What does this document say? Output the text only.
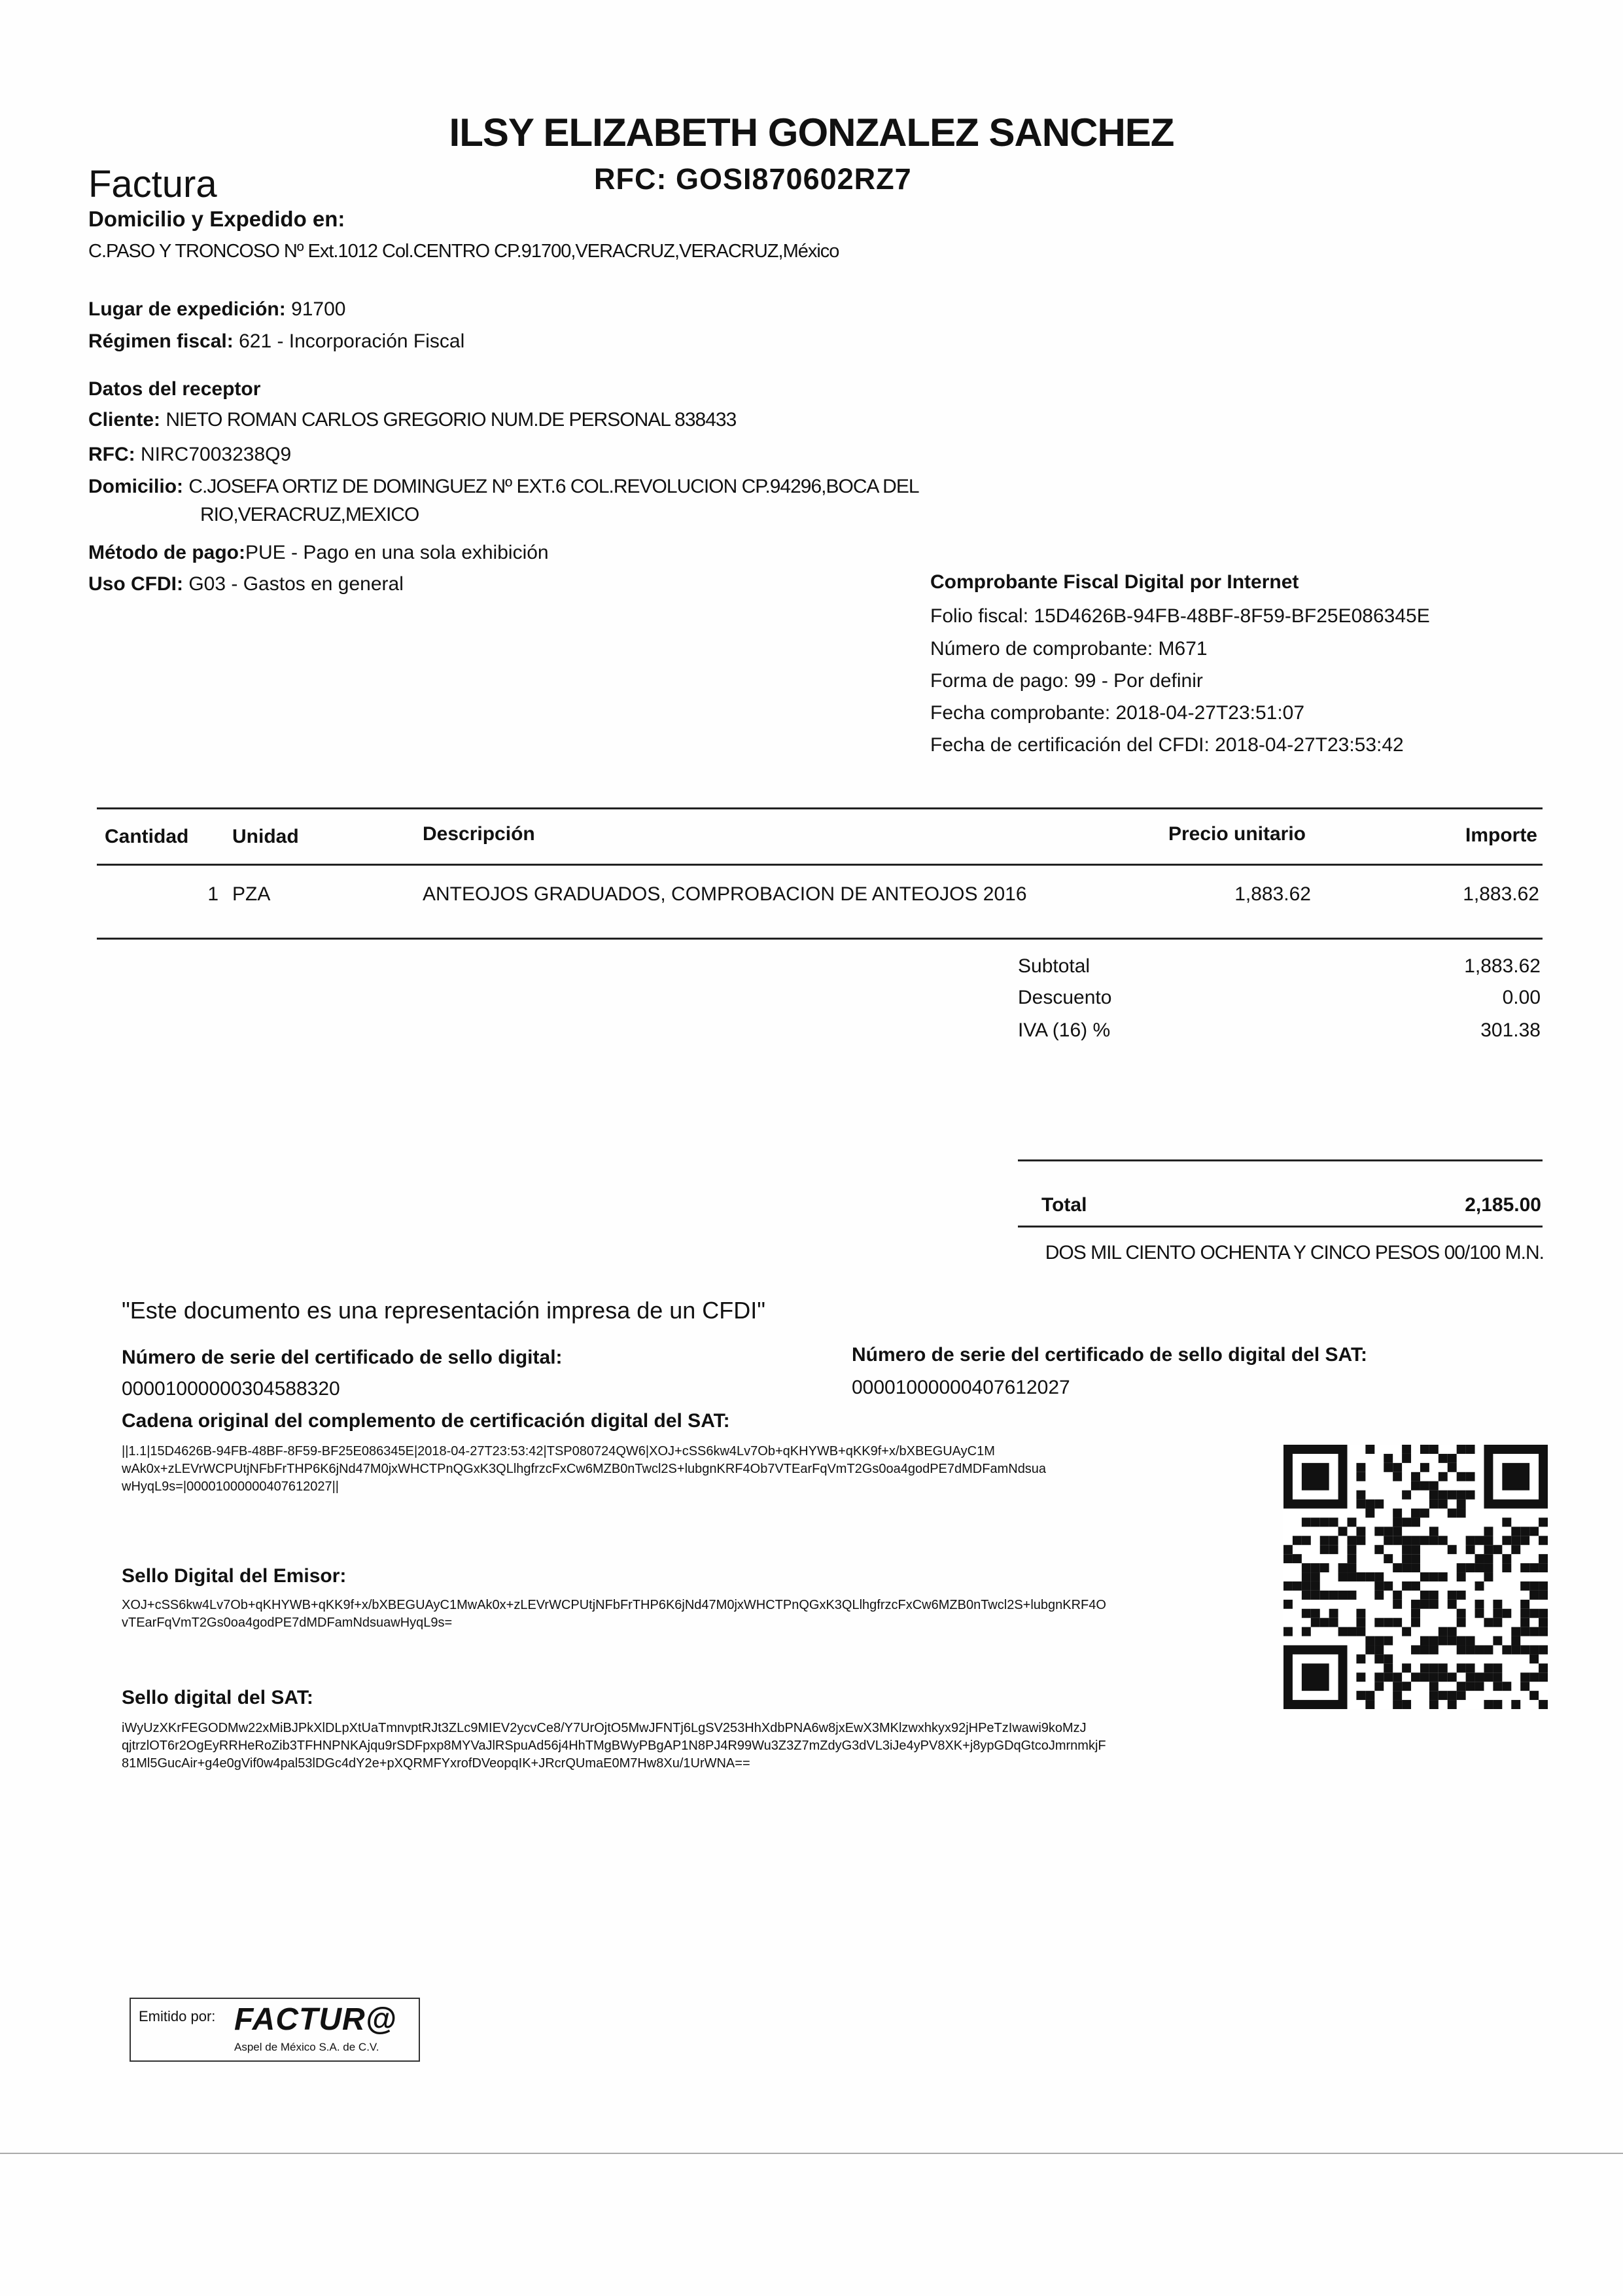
ILSY ELIZABETH GONZALEZ SANCHEZ
Factura	RFC: GOSI870602RZ7
Domicilio y Expedido en:
C.PASO Y TRONCOSO Nº Ext.1012 Col.CENTRO CP.91700,VERACRUZ,VERACRUZ,México
Lugar de expedición: 91700
Régimen fiscal: 621 - Incorporación Fiscal
Datos del receptor
Cliente: NIETO ROMAN CARLOS GREGORIO NUM.DE PERSONAL 838433
RFC: NIRC7003238Q9
Domicilio: C.JOSEFA ORTIZ DE DOMINGUEZ Nº EXT.6 COL.REVOLUCION CP.94296,BOCA DEL
RIO,VERACRUZ,MEXICO
Método de pago:PUE - Pago en una sola exhibición
Uso CFDI: G03 - Gastos en general	Comprobante Fiscal Digital por Internet
Folio fiscal: 15D4626B-94FB-48BF-8F59-BF25E086345E
Número de comprobante: M671
Forma de pago: 99 - Por definir
Fecha comprobante: 2018-04-27T23:51:07
Fecha de certificación del CFDI: 2018-04-27T23:53:42
Cantidad Unidad	Descripción	Precio unitario	Importe
1 PZA	ANTEOJOS GRADUADOS, COMPROBACION DE ANTEOJOS 2016	1,883.62	1,883.62
Subtotal	1,883.62
Descuento	0.00
IVA (16) %	301.38
Total	2,185.00
DOS MIL CIENTO OCHENTA Y CINCO PESOS 00/100 M.N.
"Este documento es una representación impresa de un CFDI"
Número de serie del certificado de sello digital:
00001000000304588320
Número de serie del certificado de sello digital del SAT:
00001000000407612027
Cadena original del complemento de certificación digital del SAT:
||1.1|15D4626B-94FB-48BF-8F59-BF25E086345E|2018-04-27T23:53:42|TSP080724QW6|XOJ+cSS6kw4Lv7Ob+qKHYWB+qKK9f+x/bXBEGUAyC1M
wAk0x+zLEVrWCPUtjNFbFrTHP6K6jNd47M0jxWHCTPnQGxK3QLlhgfrzcFxCw6MZB0nTwcl2S+lubgnKRF4Ob7VTEarFqVmT2Gs0oa4godPE7dMDFamNdsua
wHyqL9s=|00001000000407612027||
Sello Digital del Emisor:
XOJ+cSS6kw4Lv7Ob+qKHYWB+qKK9f+x/bXBEGUAyC1MwAk0x+zLEVrWCPUtjNFbFrTHP6K6jNd47M0jxWHCTPnQGxK3QLlhgfrzcFxCw6MZB0nTwcl2S+lubgnKRF4O
vTEarFqVmT2Gs0oa4godPE7dMDFamNdsuawHyqL9s=
Sello digital del SAT:
iWyUzXKrFEGODMw22xMiBJPkXlDLpXtUaTmnvptRJt3ZLc9MIEV2ycvCe8/Y7UrOjtO5MwJFNTj6LgSV253HhXdbPNA6w8jxEwX3MKlzwxhkyx92jHPeTzIwawi9koMzJ
qjtrzlOT6r2OgEyRRHeRoZib3TFHNPNKAjqu9rSDFpxp8MYVaJlRSpuAd56j4HhTMgBWyPBgAP1N8PJ4R99Wu3Z3Z7mZdyG3dVL3iJe4yPV8XK+j8ypGDqGtcoJmrnmkjF
81Ml5GucAir+g4e0gVif0w4pal53lDGc4dY2e+pXQRMFYxrofDVeopqIK+JRcrQUmaE0M7Hw8Xu/1UrWNA==
Emitido por: FACTUR@
Aspel de México S.A. de C.V.
